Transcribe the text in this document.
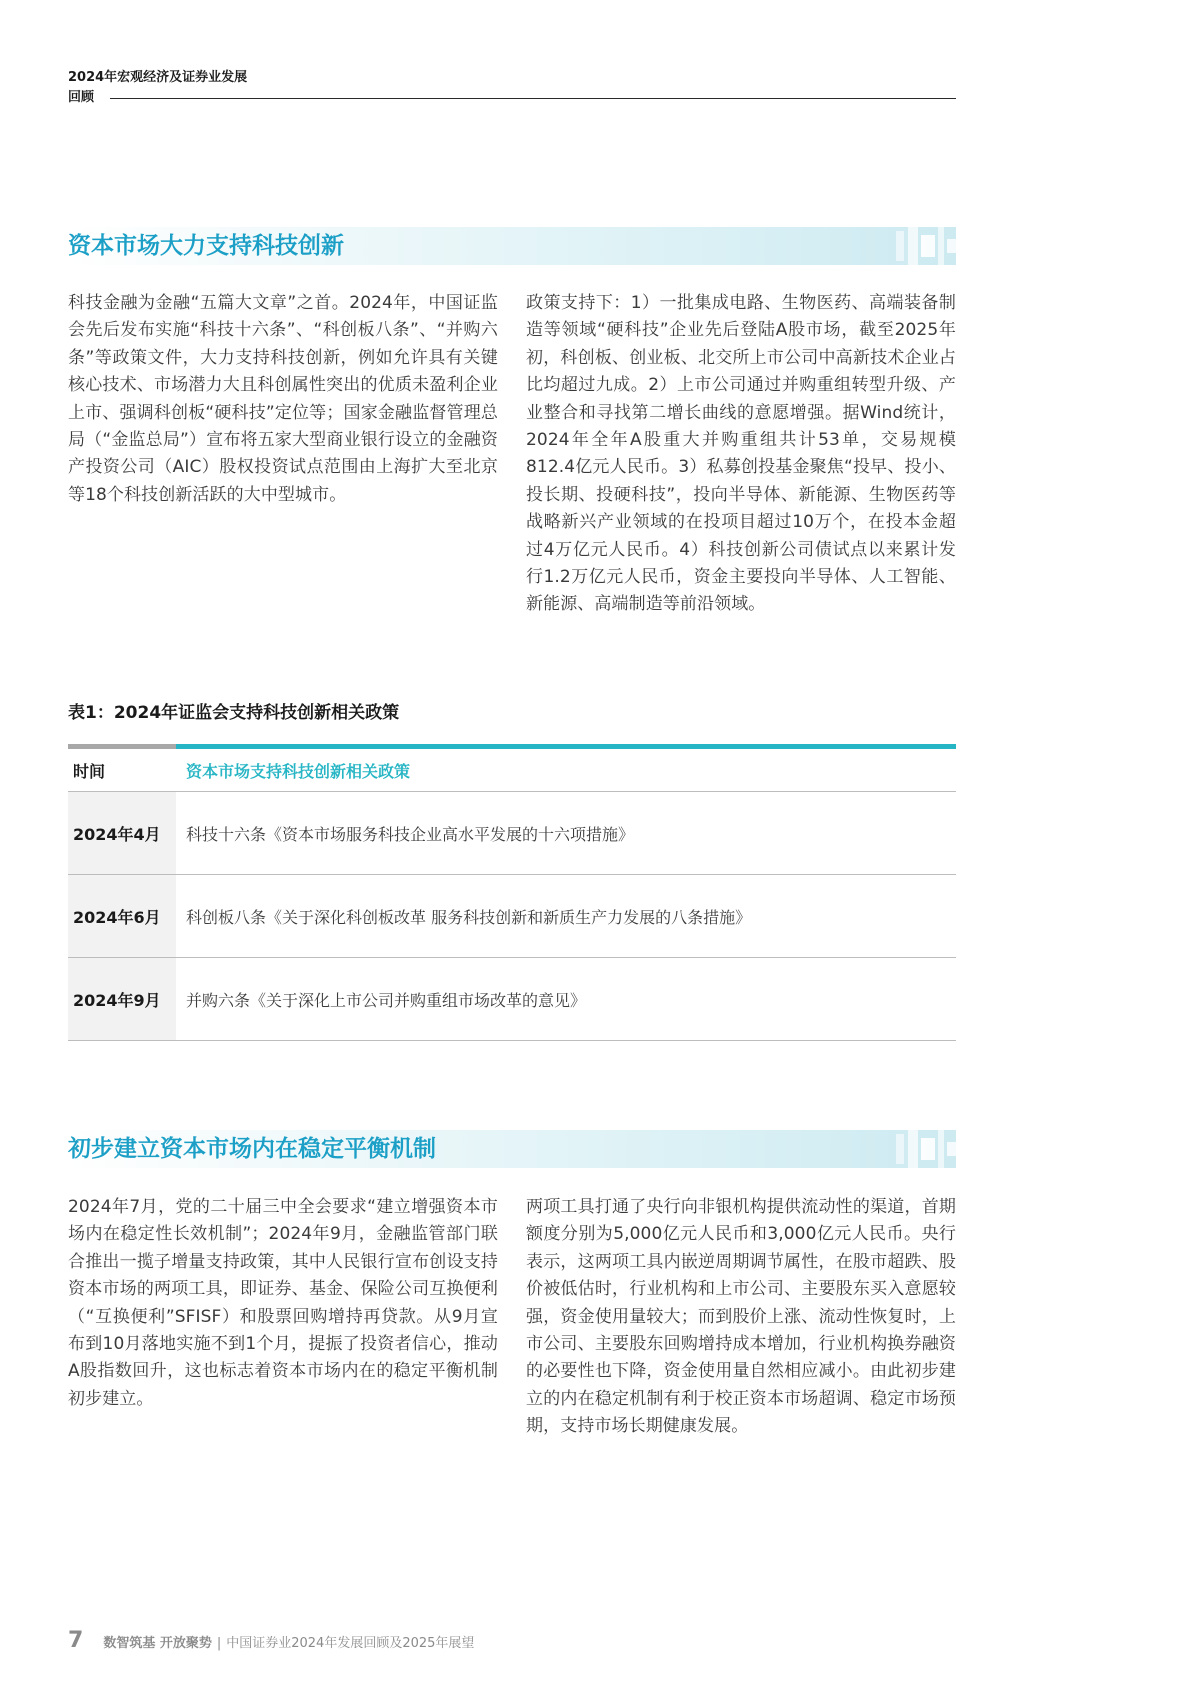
2024年宏观经济及证券业发展
回顾
资本市场大力支持科技创新
科技金融为金融“五篇大文章”之首。2024年，中国证监会先后发布实施“科技十六条”、“科创板八条”、“并购六条”等政策文件，大力支持科技创新，例如允许具有关键核心技术、市场潜力大且科创属性突出的优质未盈利企业上市、强调科创板“硬科技”定位等；国家金融监督管理总局（“金监总局”）宣布将五家大型商业银行设立的金融资产投资公司（AIC）股权投资试点范围由上海扩大至北京等18个科技创新活跃的大中型城市。
政策支持下：1）一批集成电路、生物医药、高端装备制造等领域“硬科技”企业先后登陆A股市场，截至2025年初，科创板、创业板、北交所上市公司中高新技术企业占比均超过九成。2）上市公司通过并购重组转型升级、产业整合和寻找第二增长曲线的意愿增强。据Wind统计，2024年全年A股重大并购重组共计53单，交易规模812.4亿元人民币。3）私募创投基金聚焦“投早、投小、投长期、投硬科技”，投向半导体、新能源、生物医药等战略新兴产业领域的在投项目超过10万个，在投本金超过4万亿元人民币。4）科技创新公司债试点以来累计发行1.2万亿元人民币，资金主要投向半导体、人工智能、新能源、高端制造等前沿领域。
表1：2024年证监会支持科技创新相关政策
时间	资本市场支持科技创新相关政策
2024年4月	科技十六条《资本市场服务科技企业高水平发展的十六项措施》
2024年6月	科创板八条《关于深化科创板改革 服务科技创新和新质生产力发展的八条措施》
2024年9月	并购六条《关于深化上市公司并购重组市场改革的意见》
初步建立资本市场内在稳定平衡机制
2024年7月，党的二十届三中全会要求“建立增强资本市场内在稳定性长效机制”；2024年9月，金融监管部门联合推出一揽子增量支持政策，其中人民银行宣布创设支持资本市场的两项工具，即证券、基金、保险公司互换便利（“互换便利”SFISF）和股票回购增持再贷款。从9月宣布到10月落地实施不到1个月，提振了投资者信心，推动A股指数回升，这也标志着资本市场内在的稳定平衡机制初步建立。
两项工具打通了央行向非银机构提供流动性的渠道，首期额度分别为5,000亿元人民币和3,000亿元人民币。央行表示，这两项工具内嵌逆周期调节属性，在股市超跌、股价被低估时，行业机构和上市公司、主要股东买入意愿较强，资金使用量较大；而到股价上涨、流动性恢复时，上市公司、主要股东回购增持成本增加，行业机构换券融资的必要性也下降，资金使用量自然相应减小。由此初步建立的内在稳定机制有利于校正资本市场超调、稳定市场预期，支持市场长期健康发展。
7 数智筑基 开放聚势 | 中国证券业2024年发展回顾及2025年展望
